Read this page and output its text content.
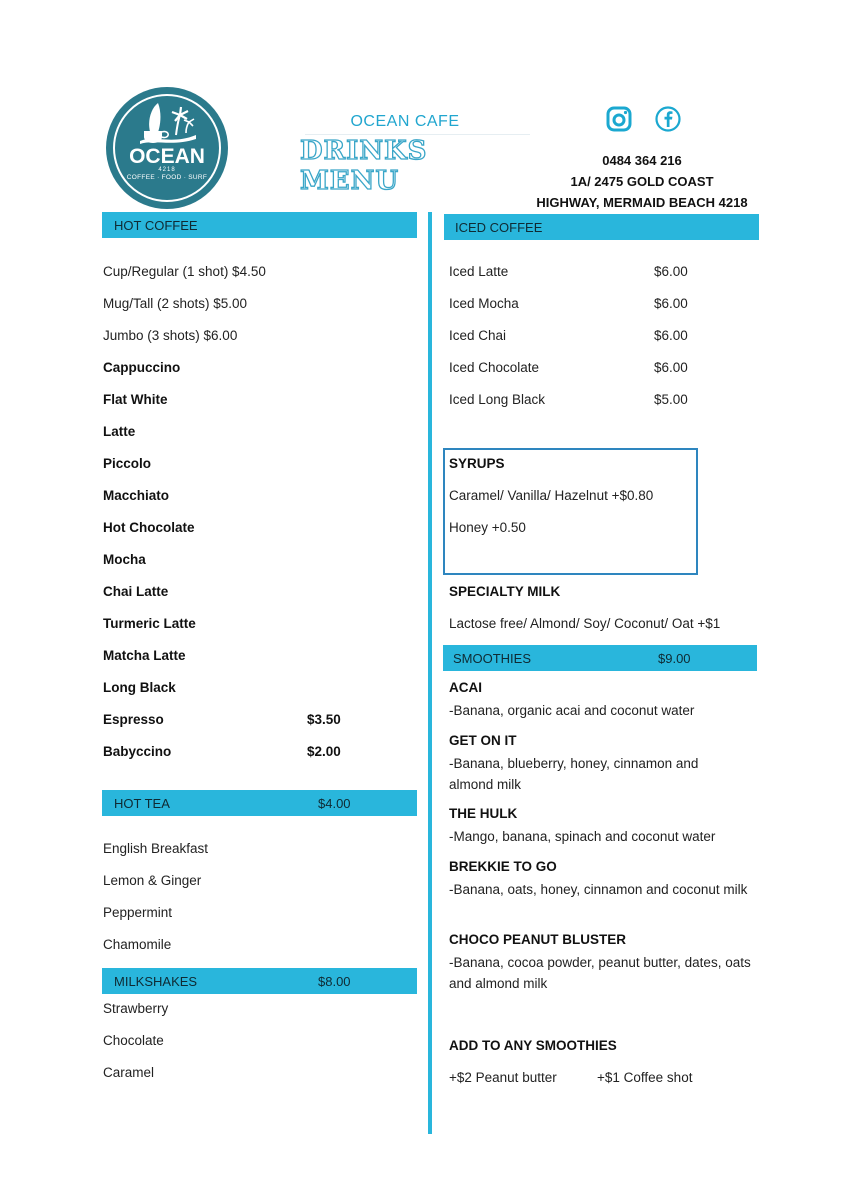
OCEAN
4218
COFFEE · FOOD · SURF
OCEAN CAFE
DRINKS MENU
0484 364 216
1A/ 2475 GOLD COAST
HIGHWAY, MERMAID BEACH 4218
HOT COFFEE
Cup/Regular (1 shot) $4.50
Mug/Tall (2 shots) $5.00
Jumbo (3 shots) $6.00
Cappuccino
Flat White
Latte
Piccolo
Macchiato
Hot Chocolate
Mocha
Chai Latte
Turmeric Latte
Matcha Latte
Long Black
Espresso	$3.50
Babyccino	$2.00
HOT TEA	$4.00
English Breakfast
Lemon & Ginger
Peppermint
Chamomile
MILKSHAKES	$8.00
Strawberry
Chocolate
Caramel
ICED COFFEE
Iced Latte	$6.00
Iced Mocha	$6.00
Iced Chai	$6.00
Iced Chocolate	$6.00
Iced Long Black	$5.00
SYRUPS
Caramel/ Vanilla/ Hazelnut +$0.80
Honey +0.50
SPECIALTY MILK
Lactose free/ Almond/ Soy/ Coconut/ Oat +$1
SMOOTHIES	$9.00
ACAI
-Banana, organic acai and coconut water
GET ON IT
-Banana, blueberry, honey, cinnamon and almond milk
THE HULK
-Mango, banana, spinach and coconut water
BREKKIE TO GO
-Banana, oats, honey, cinnamon and coconut milk
CHOCO PEANUT BLUSTER
-Banana, cocoa powder, peanut butter, dates, oats and almond milk
ADD TO ANY SMOOTHIES
+$2 Peanut butter	+$1 Coffee shot
